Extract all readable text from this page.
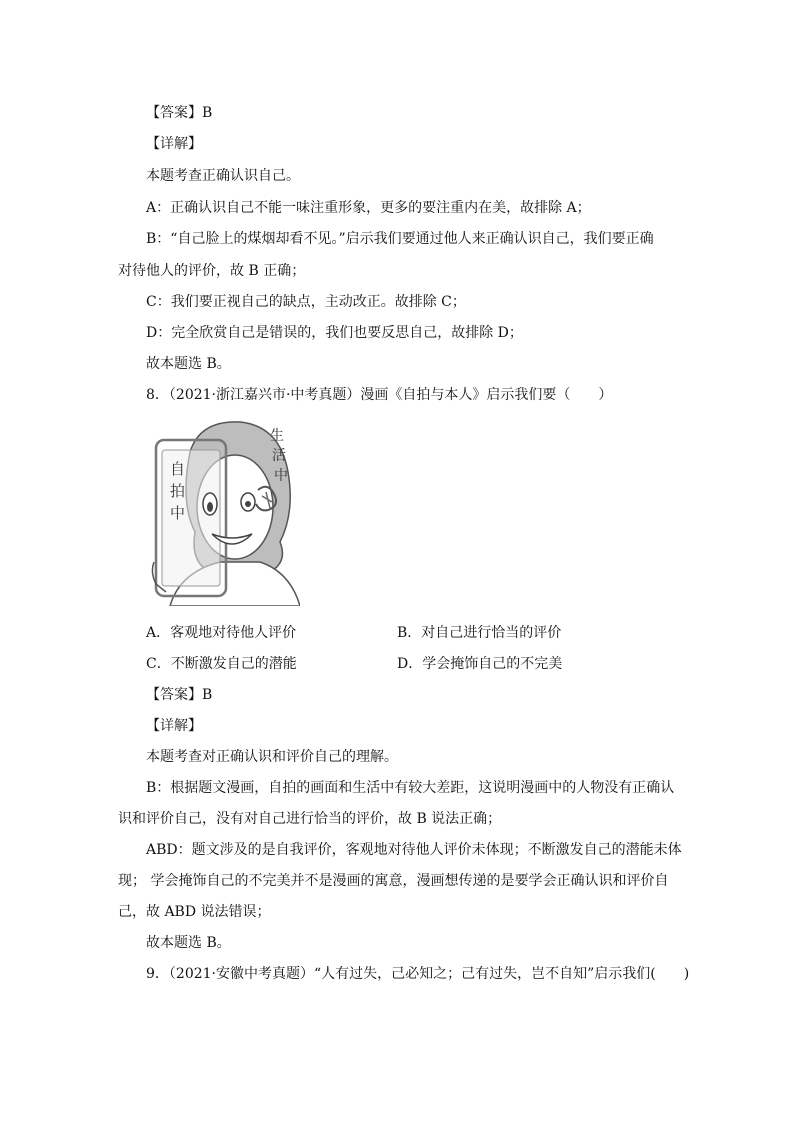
【答案】B
【详解】
本题考查正确认识自己。
A：正确认识自己不能一味注重形象，更多的要注重内在美，故排除 A；
B：“自己脸上的煤烟却看不见。”启示我们要通过他人来正确认识自己，我们要正确
对待他人的评价，故 B 正确；
C：我们要正视自己的缺点，主动改正。故排除 C；
D：完全欣赏自己是错误的，我们也要反思自己，故排除 D；
故本题选 B。
8．（2021·浙江嘉兴市·中考真题）漫画《自拍与本人》启示我们要（　　）
自
拍
中
生
活
中
A．客观地对待他人评价	B．对自己进行恰当的评价
C．不断激发自己的潜能	D．学会掩饰自己的不完美
【答案】B
【详解】
本题考查对正确认识和评价自己的理解。
B：根据题文漫画，自拍的画面和生活中有较大差距，这说明漫画中的人物没有正确认
识和评价自己，没有对自己进行恰当的评价，故 B 说法正确；
ABD：题文涉及的是自我评价，客观地对待他人评价未体现；不断激发自己的潜能未体
现； 学会掩饰自己的不完美并不是漫画的寓意，漫画想传递的是要学会正确认识和评价自
己，故 ABD 说法错误；
故本题选 B。
9．（2021·安徽中考真题）“人有过失，己必知之；己有过失，岂不自知”启示我们(　　)
